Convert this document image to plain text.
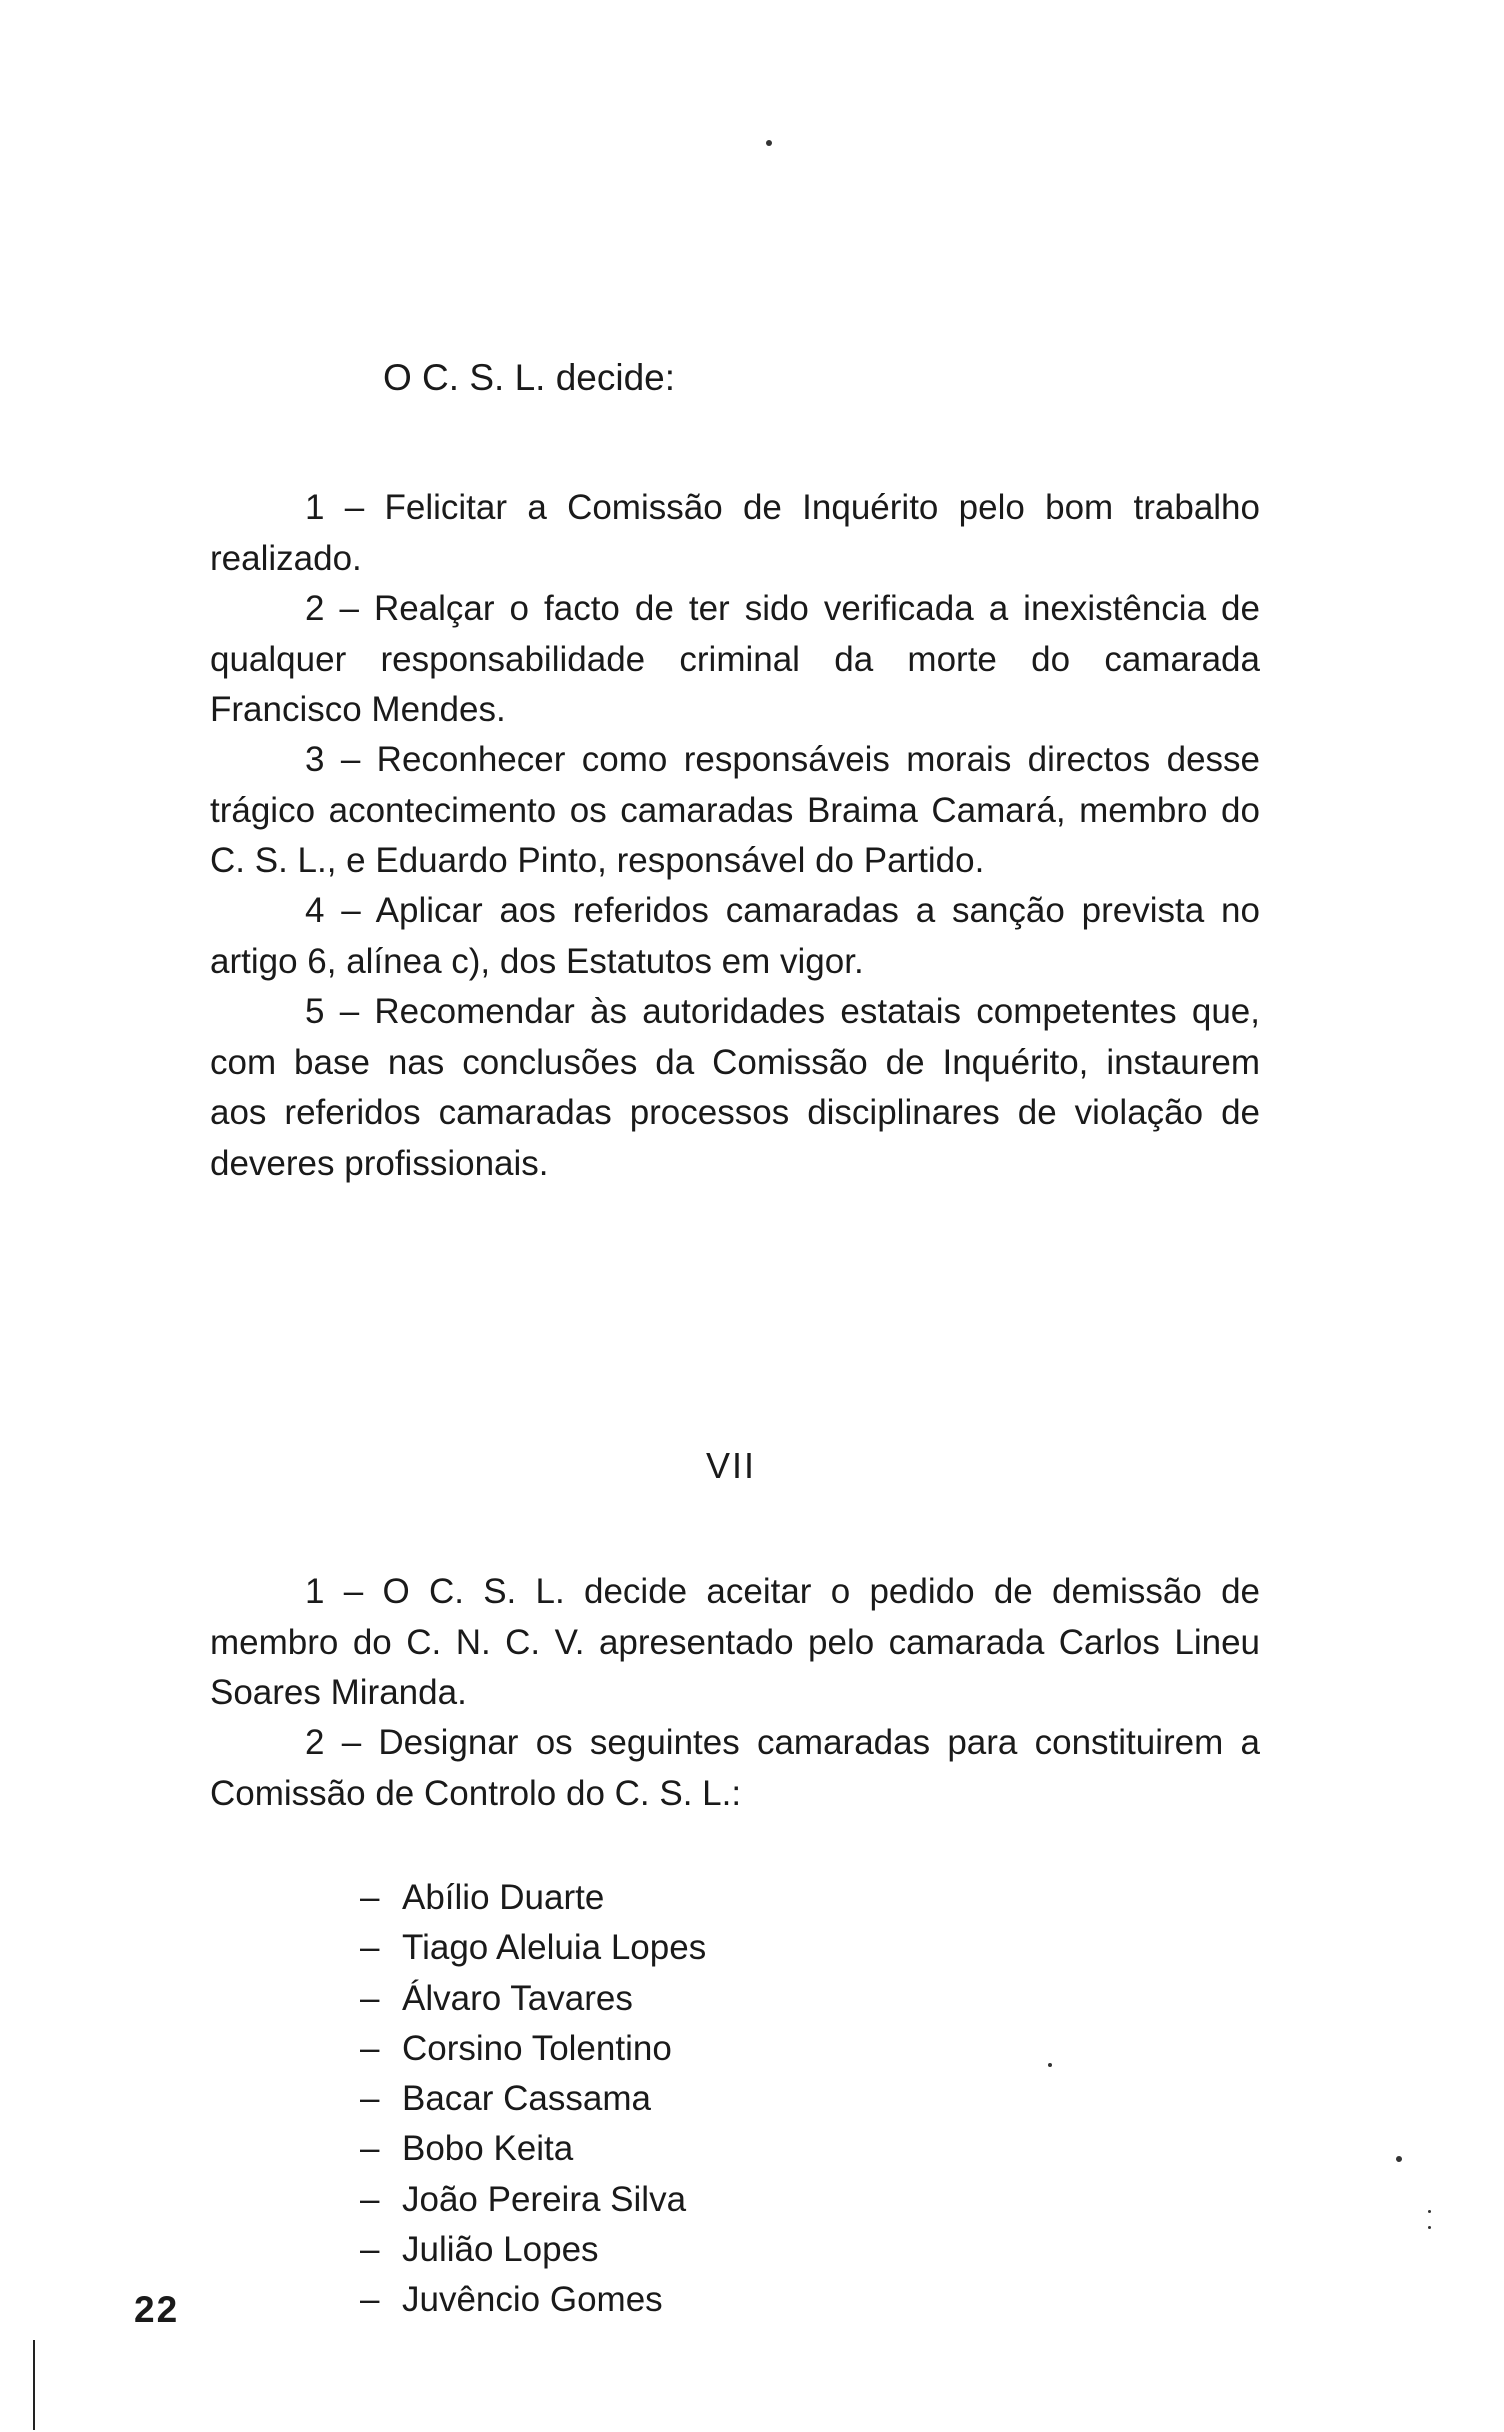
O C. S. L. decide:

1 – Felicitar a Comissão de Inquérito pelo bom trabalho realizado.

2 – Realçar o facto de ter sido verificada a inexistência de qualquer responsabilidade criminal da morte do camarada Francisco Mendes.

3 – Reconhecer como responsáveis morais directos desse trágico acontecimento os camaradas Braima Camará, membro do C. S. L., e Eduardo Pinto, responsável do Partido.

4 – Aplicar aos referidos camaradas a sanção prevista no artigo 6, alínea c), dos Estatutos em vigor.

5 – Recomendar às autoridades estatais competentes que, com base nas conclusões da Comissão de Inquérito, instaurem aos referidos camaradas processos disciplinares de violação de deveres profissionais.

VII

1 – O C. S. L. decide aceitar o pedido de demissão de membro do C. N. C. V. apresentado pelo camarada Carlos Lineu Soares Miranda.

2 – Designar os seguintes camaradas para constituirem a Comissão de Controlo do C. S. L.:

– Abílio Duarte
– Tiago Aleluia Lopes
– Álvaro Tavares
– Corsino Tolentino
– Bacar Cassama
– Bobo Keita
– João Pereira Silva
– Julião Lopes
– Juvêncio Gomes
22
